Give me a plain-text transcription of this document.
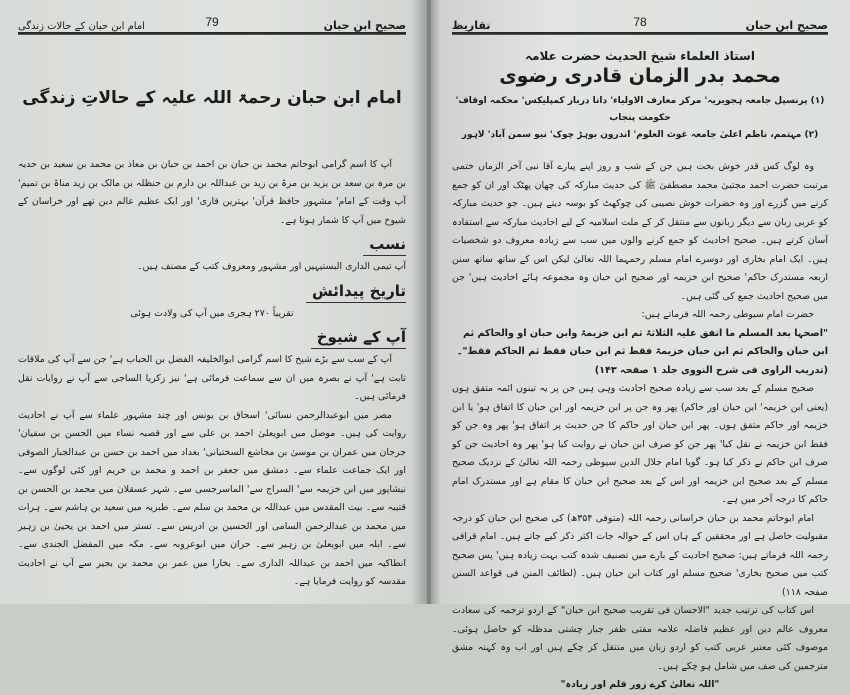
صحیح ابن حبان
79
امام ابن حبان کے حالات زندگی
امام ابن حبان رحمۃ اللہ علیہ کے حالاتِ زندگی

آپ کا اسم گرامی ابوحاتم محمد بن حبان بن احمد بن حبان بن معاذ بن محمد بن سعید بن حدیہ بن مرہ بن سعد بن یزید بن مرۃ بن زید بن عبداللہ بن دارم بن حنظلہ بن مالک بن زید مناۃ بن تمیم' آپ وقت کے امام' مشہور حافظ قرآن' بہترین قاری' اور ایک عظیم عالم دین تھے اور خراسان کے شیوخ میں آپ کا شمار ہوتا ہے۔

نسب

آپ تیمی الداری البستیہیں اور مشہور ومعروف کتب کے مصنف ہیں۔

تاریخ پیدائش

تقریباً ۲۷۰ ہجری میں آپ کی ولادت ہوئی

آپ کے شیوخ

آپ کے سب سے بڑے شیخ کا اسم گرامی ابوالخلیفہ الفضل بن الحباب ہے' جن سے آپ کی ملاقات ثابت ہے' آپ نے بصرہ میں ان سے سماعت فرمائی ہے' نیز زکریا الساجی سے آپ نے روایات نقل فرمائی ہیں۔

مصر میں ابوعبدالرحمن نسائی' اسحاق بن یونس اور چند مشہور علماء سے آپ نے احادیث روایت کی ہیں۔ موصل میں ابویعلیٰ احمد بن علی سے اور قصبہ نساء میں الحسن بن سفیان' جرجان میں عمران بن موسیٰ بن مجاشع السختیانی' بغداد میں احمد بن حسن بن عبدالجبار الصوفی اور ایک جماعت علماء سے۔ دمشق میں جعفر بن احمد و محمد بن خریم اور کئی لوگوں سے۔ نیشاپور میں ابن خزیمہ سے' السراج سے' الماسرجسی سے۔ شہر عسقلان میں محمد بن الحسن بن قتیبہ سے۔ بیت المقدس میں عبداللہ بن محمد بن سلم سے۔ طبریہ میں سعید بن ہاشم سے۔ ہرات میں محمد بن عبدالرحمن السامی اور الحسین بن ادریس سے۔ تستر میں احمد بن یحییٰ بن زہیر سے۔ ابلہ میں ابویعلیٰ بن زہیر سے۔ حران میں ابوعروبہ سے۔ مکہ میں المفضل الجندی سے۔ انطاکیہ میں احمد بن عبداللہ الداری سے۔ بخارا میں عمر بن محمد بن بجیر سے آپ نے احادیث مقدسہ کو روایت فرمایا ہے۔

صحیح ابن حبان
78
تقاریظ
استاذ العلماء شیخ الحدیث حضرت علامہ
محمد بدر الزمان قادری رضوی
(۱) پرنسپل جامعہ ہجویریہ' مرکز معارف الاولیاء' داتا دربار کمپلیکس' محکمہ اوقاف' حکومت پنجاب
(۲) مہتمم، ناظم اعلیٰ جامعہ غوث العلوم' اندرون بوہڑ چوک' نیو سمن آباد' لاہور

وہ لوگ کس قدر خوش بخت ہیں جن کے شب و روز اپنے پیارے آقا نبی آخر الزماں ختمی مرتبت حضرت احمد مجتبیٰ محمد مصطفیٰ ﷺ کی حدیث مبارکہ کی چھان پھٹک اور ان کو جمع کرنے میں گزرے اور وہ حضرات خوش نصیبی کی چوکھٹ کو بوسہ دیتے ہیں۔ جو حدیث مبارکہ کو عربی زبان سے دیگر زبانوں سے منتقل کر کے ملت اسلامیہ کے لیے احادیث مبارکہ سے استفادہ آسان کرتے ہیں۔ صحیح احادیث کو جمع کرنے والوں میں سب سے زیادہ معروف دو شخصیات ہیں۔ ایک امام بخاری اور دوسرے امام مسلم رحمہما اللہ تعالیٰ لیکن اس کے ساتھ ساتھ سنن اربعہ مستدرک حاکم' صحیح ابن خزیمہ اور صحیح ابن حبان وہ مجموعہ ہائے احادیث ہیں' جن میں صحیح احادیث جمع کی گئی ہیں۔

حضرت امام سیوطی رحمہ اللہ فرماتے ہیں:

"اصحہا بعد المسلم ما اتفق علیہ الثلاثۃ ثم ابن خزیمۃ وابن حبان او والحاکم ثم ابن حبان والحاکم ثم ابن حبان خزیمۃ فقط ثم ابن حبان فقط ثم الحاکم فقط"۔ (تدریب الراوی فی شرح النووی جلد ۱ صفحہ ۱۴۳)

صحیح مسلم کے بعد سب سے زیادہ صحیح احادیث وہی ہیں جن پر یہ تینوں ائمہ متفق ہوں (یعنی ابن خزیمہ' ابن حبان اور حاکم) پھر وہ جن پر ابن خزیمہ اور ابن حبان کا اتفاق ہو' یا ابن خزیمہ اور حاکم متفق ہوں۔ پھر ابن حبان اور حاکم کا جن حدیث پر اتفاق ہو' پھر وہ جن کو فقط ابن خزیمہ نے نقل کیا' پھر جن کو صرف ابن حبان نے روایت کیا ہو' پھر وہ احادیث جن کو صرف ابن حاکم نے ذکر کیا ہو۔ گویا امام جلال الدین سیوطی رحمہ اللہ تعالیٰ کے نزدیک صحیح مسلم کے بعد صحیح ابن خزیمہ اور اس کے بعد صحیح ابن حبان کا مقام ہے اور مستدرک امام حاکم کا درجہ آخر میں ہے۔

امام ابوحاتم محمد بن حبان خراسانی رحمہ اللہ (متوفی ۳۵۴ھ) کی صحیح ابن حبان کو درجہ مقبولیت حاصل ہے اور محققین کے ہاں اس کے حوالہ جات اکثر ذکر کیے جاتے ہیں۔ امام قرافی رحمہ اللہ فرماتے ہیں: صحیح احادیث کے بارے میں تصنیف شدہ کتب بہت زیادہ ہیں' پس صحیح کتب میں صحیح بخاری' صحیح مسلم اور کتاب ابن حبان ہیں۔ (لطائف المنن فی قواعد السنن صفحہ ۱۱۸)

اس کتاب کی ترتیب جدید "الاحسان فی تقریب صحیح ابن حبان" کے اردو ترجمہ کی سعادت معروف عالم دین اور عظیم فاضلہ علامہ مفتی ظفر جبار چشتی مدظلہ کو حاصل ہوئی۔ موصوف کئی معتبر عربی کتب کو اردو زبان میں منتقل کر چکے ہیں اور اب وہ کہنہ مشق مترجمین کی صف میں شامل ہو چکے ہیں۔

"اللہ تعالیٰ کرے زور قلم اور زیادہ"
